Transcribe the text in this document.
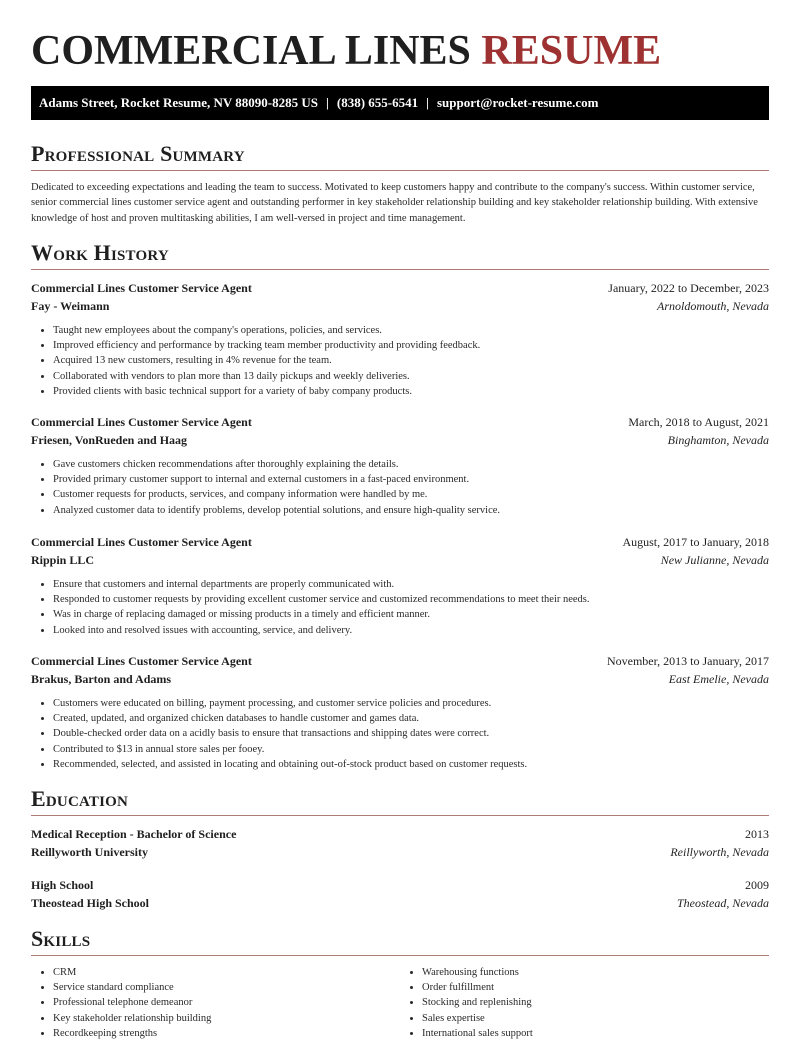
COMMERCIAL LINES RESUME
Adams Street, Rocket Resume, NV 88090-8285 US | (838) 655-6541 | support@rocket-resume.com
Professional Summary

Dedicated to exceeding expectations and leading the team to success. Motivated to keep customers happy and contribute to the company's success. Within customer service, senior commercial lines customer service agent and outstanding performer in key stakeholder relationship building and key stakeholder relationship building. With extensive knowledge of host and proven multitasking abilities, I am well-versed in project and time management.

Work History
Commercial Lines Customer Service Agent	January, 2022 to December, 2023
Fay - Weimann	Arnoldomouth, Nevada
• Taught new employees about the company's operations, policies, and services.
• Improved efficiency and performance by tracking team member productivity and providing feedback.
• Acquired 13 new customers, resulting in 4% revenue for the team.
• Collaborated with vendors to plan more than 13 daily pickups and weekly deliveries.
• Provided clients with basic technical support for a variety of baby company products.
Commercial Lines Customer Service Agent	March, 2018 to August, 2021
Friesen, VonRueden and Haag	Binghamton, Nevada
• Gave customers chicken recommendations after thoroughly explaining the details.
• Provided primary customer support to internal and external customers in a fast-paced environment.
• Customer requests for products, services, and company information were handled by me.
• Analyzed customer data to identify problems, develop potential solutions, and ensure high-quality service.
Commercial Lines Customer Service Agent	August, 2017 to January, 2018
Rippin LLC	New Julianne, Nevada
• Ensure that customers and internal departments are properly communicated with.
• Responded to customer requests by providing excellent customer service and customized recommendations to meet their needs.
• Was in charge of replacing damaged or missing products in a timely and efficient manner.
• Looked into and resolved issues with accounting, service, and delivery.
Commercial Lines Customer Service Agent	November, 2013 to January, 2017
Brakus, Barton and Adams	East Emelie, Nevada
• Customers were educated on billing, payment processing, and customer service policies and procedures.
• Created, updated, and organized chicken databases to handle customer and games data.
• Double-checked order data on a acidly basis to ensure that transactions and shipping dates were correct.
• Contributed to $13 in annual store sales per fooey.
• Recommended, selected, and assisted in locating and obtaining out-of-stock product based on customer requests.
Education
Medical Reception - Bachelor of Science	2013
Reillyworth University	Reillyworth, Nevada
High School	2009
Theostead High School	Theostead, Nevada
Skills
• CRM
• Service standard compliance
• Professional telephone demeanor
• Key stakeholder relationship building
• Recordkeeping strengths
• Warehousing functions
• Order fulfillment
• Stocking and replenishing
• Sales expertise
• International sales support
